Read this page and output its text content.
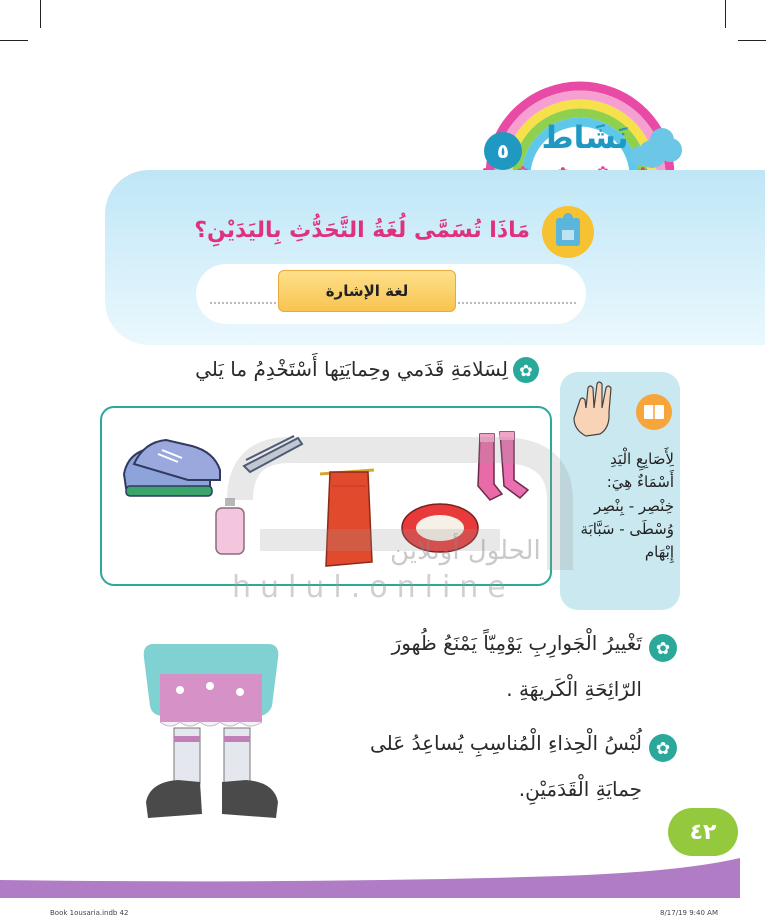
نَشَاط
٥
مَاذَا تُسَمَّى لُغَةُ التَّحَدُّثِ بِاليَدَيْنِ؟
لغة الإشارة
✿
لِسَلامَةِ قَدَمي وحِمايَتِها أَسْتَخْدِمُ ما يَلي
لِأَصَابِعِ الْيَدِ
أَسْمَاءٌ هِيَ:
خِنْصِر - بِنْصِر
وُسْطَى - سَبَّابَة
إِبْهَام
الحلول أونلاين
hulul.online
✿
تَغْييرُ الْجَوارِبِ يَوْمِيّاً يَمْنَعُ ظُهورَ
الرّائِحَةِ الْكَريهَةِ .
✿
لُبْسُ الْحِذاءِ الْمُناسِبِ يُساعِدُ عَلى
حِمايَةِ الْقَدَمَيْنِ.
٤٢
Book 1ousaria.indb 42	8/17/19 9:40 AM
